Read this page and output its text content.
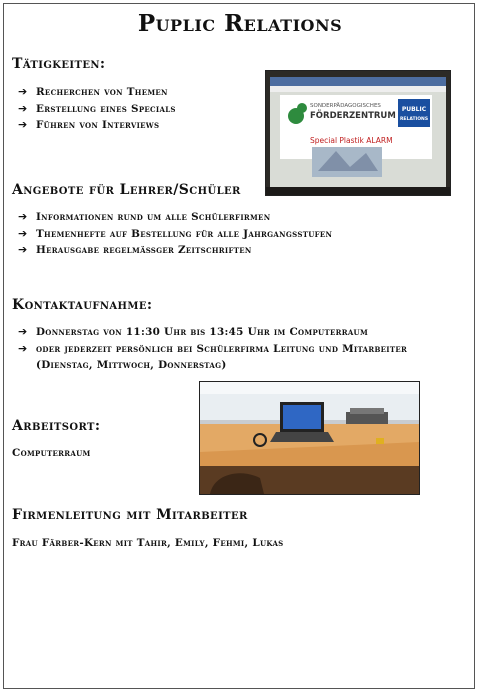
Puplic Relations
Tätigkeiten:
➔ Recherchen von Themen
➔ Erstellung eines Specials
➔ Führen von Interviews
SONDERPÄDAGOGISCHES
FÖRDERZENTRUM
PUBLIC
RELATIONS
Special Plastik ALARM
Angebote für Lehrer/Schüler
➔ Informationen rund um alle Schülerfirmen
➔ Themenhefte auf Bestellung für alle Jahrgangsstufen
➔ Herausgabe regelmäßger Zeitschriften
Kontaktaufnahme:
➔ Donnerstag von 11:30 Uhr bis 13:45 Uhr im Computerraum
➔ oder jederzeit persönlich bei Schülerfirma Leitung und Mitarbeiter (Dienstag, Mittwoch, Donnerstag)
Arbeitsort:
Computerraum
Firmenleitung mit Mitarbeiter
Frau Färber-Kern mit Tahir, Emily, Fehmi, Lukas
